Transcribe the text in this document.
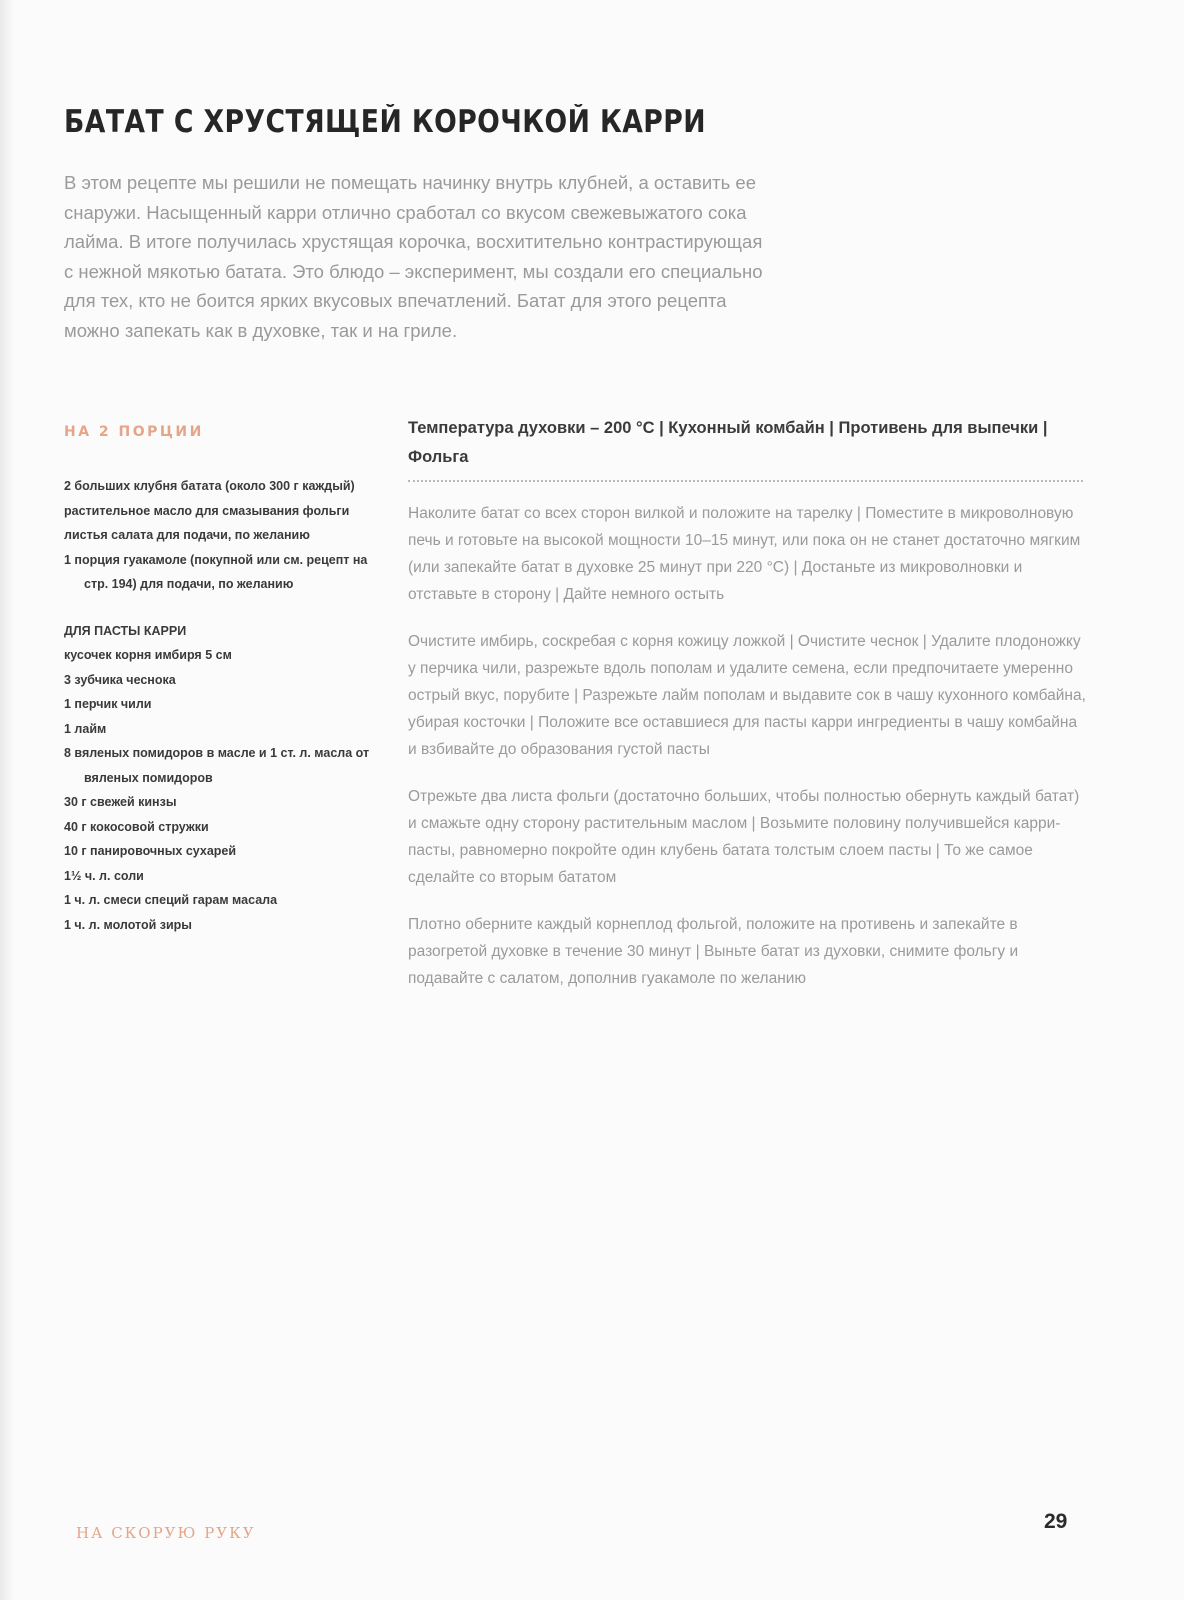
БАТАТ С ХРУСТЯЩЕЙ КОРОЧКОЙ КАРРИ

В этом рецепте мы решили не помещать начинку внутрь клубней, а оставить ее снаружи. Насыщенный карри отлично сработал со вкусом свежевыжатого сока лайма. В итоге получилась хрустящая корочка, восхитительно контрастирующая с нежной мякотью батата. Это блюдо – эксперимент, мы создали его специально для тех, кто не боится ярких вкусовых впечатлений. Батат для этого рецепта можно запекать как в духовке, так и на гриле.

НА 2 ПОРЦИИ
2 больших клубня батата (около 300 г каждый)
растительное масло для смазывания фольги
листья салата для подачи, по желанию
1 порция гуакамоле (покупной или см. рецепт на стр. 194) для подачи, по желанию
ДЛЯ ПАСТЫ КАРРИ
кусочек корня имбиря 5 см
3 зубчика чеснока
1 перчик чили
1 лайм
8 вяленых помидоров в масле и 1 ст. л. масла от вяленых помидоров
30 г свежей кинзы
40 г кокосовой стружки
10 г панировочных сухарей
1½ ч. л. соли
1 ч. л. смеси специй гарам масала
1 ч. л. молотой зиры
Температура духовки – 200 °C | Кухонный комбайн | Противень для выпечки | Фольга

Наколите батат со всех сторон вилкой и положите на тарелку | Поместите в микроволновую печь и готовьте на высокой мощности 10–15 минут, или пока он не станет достаточно мягким (или запекайте батат в духовке 25 минут при 220 °C) | Достаньте из микроволновки и отставьте в сторону | Дайте немного остыть

Очистите имбирь, соскребая с корня кожицу ложкой | Очистите чеснок | Удалите плодоножку у перчика чили, разрежьте вдоль пополам и удалите семена, если предпочитаете умеренно острый вкус, порубите | Разрежьте лайм пополам и выдавите сок в чашу кухонного комбайна, убирая косточки | Положите все оставшиеся для пасты карри ингредиенты в чашу комбайна и взбивайте до образования густой пасты

Отрежьте два листа фольги (достаточно больших, чтобы полностью обернуть каждый батат) и смажьте одну сторону растительным маслом | Возьмите половину получившейся карри-пасты, равномерно покройте один клубень батата толстым слоем пасты | То же самое сделайте со вторым бататом

Плотно оберните каждый корнеплод фольгой, положите на противень и запекайте в разогретой духовке в течение 30 минут | Выньте батат из духовки, снимите фольгу и подавайте с салатом, дополнив гуакамоле по желанию

НА СКОРУЮ РУКУ	29
